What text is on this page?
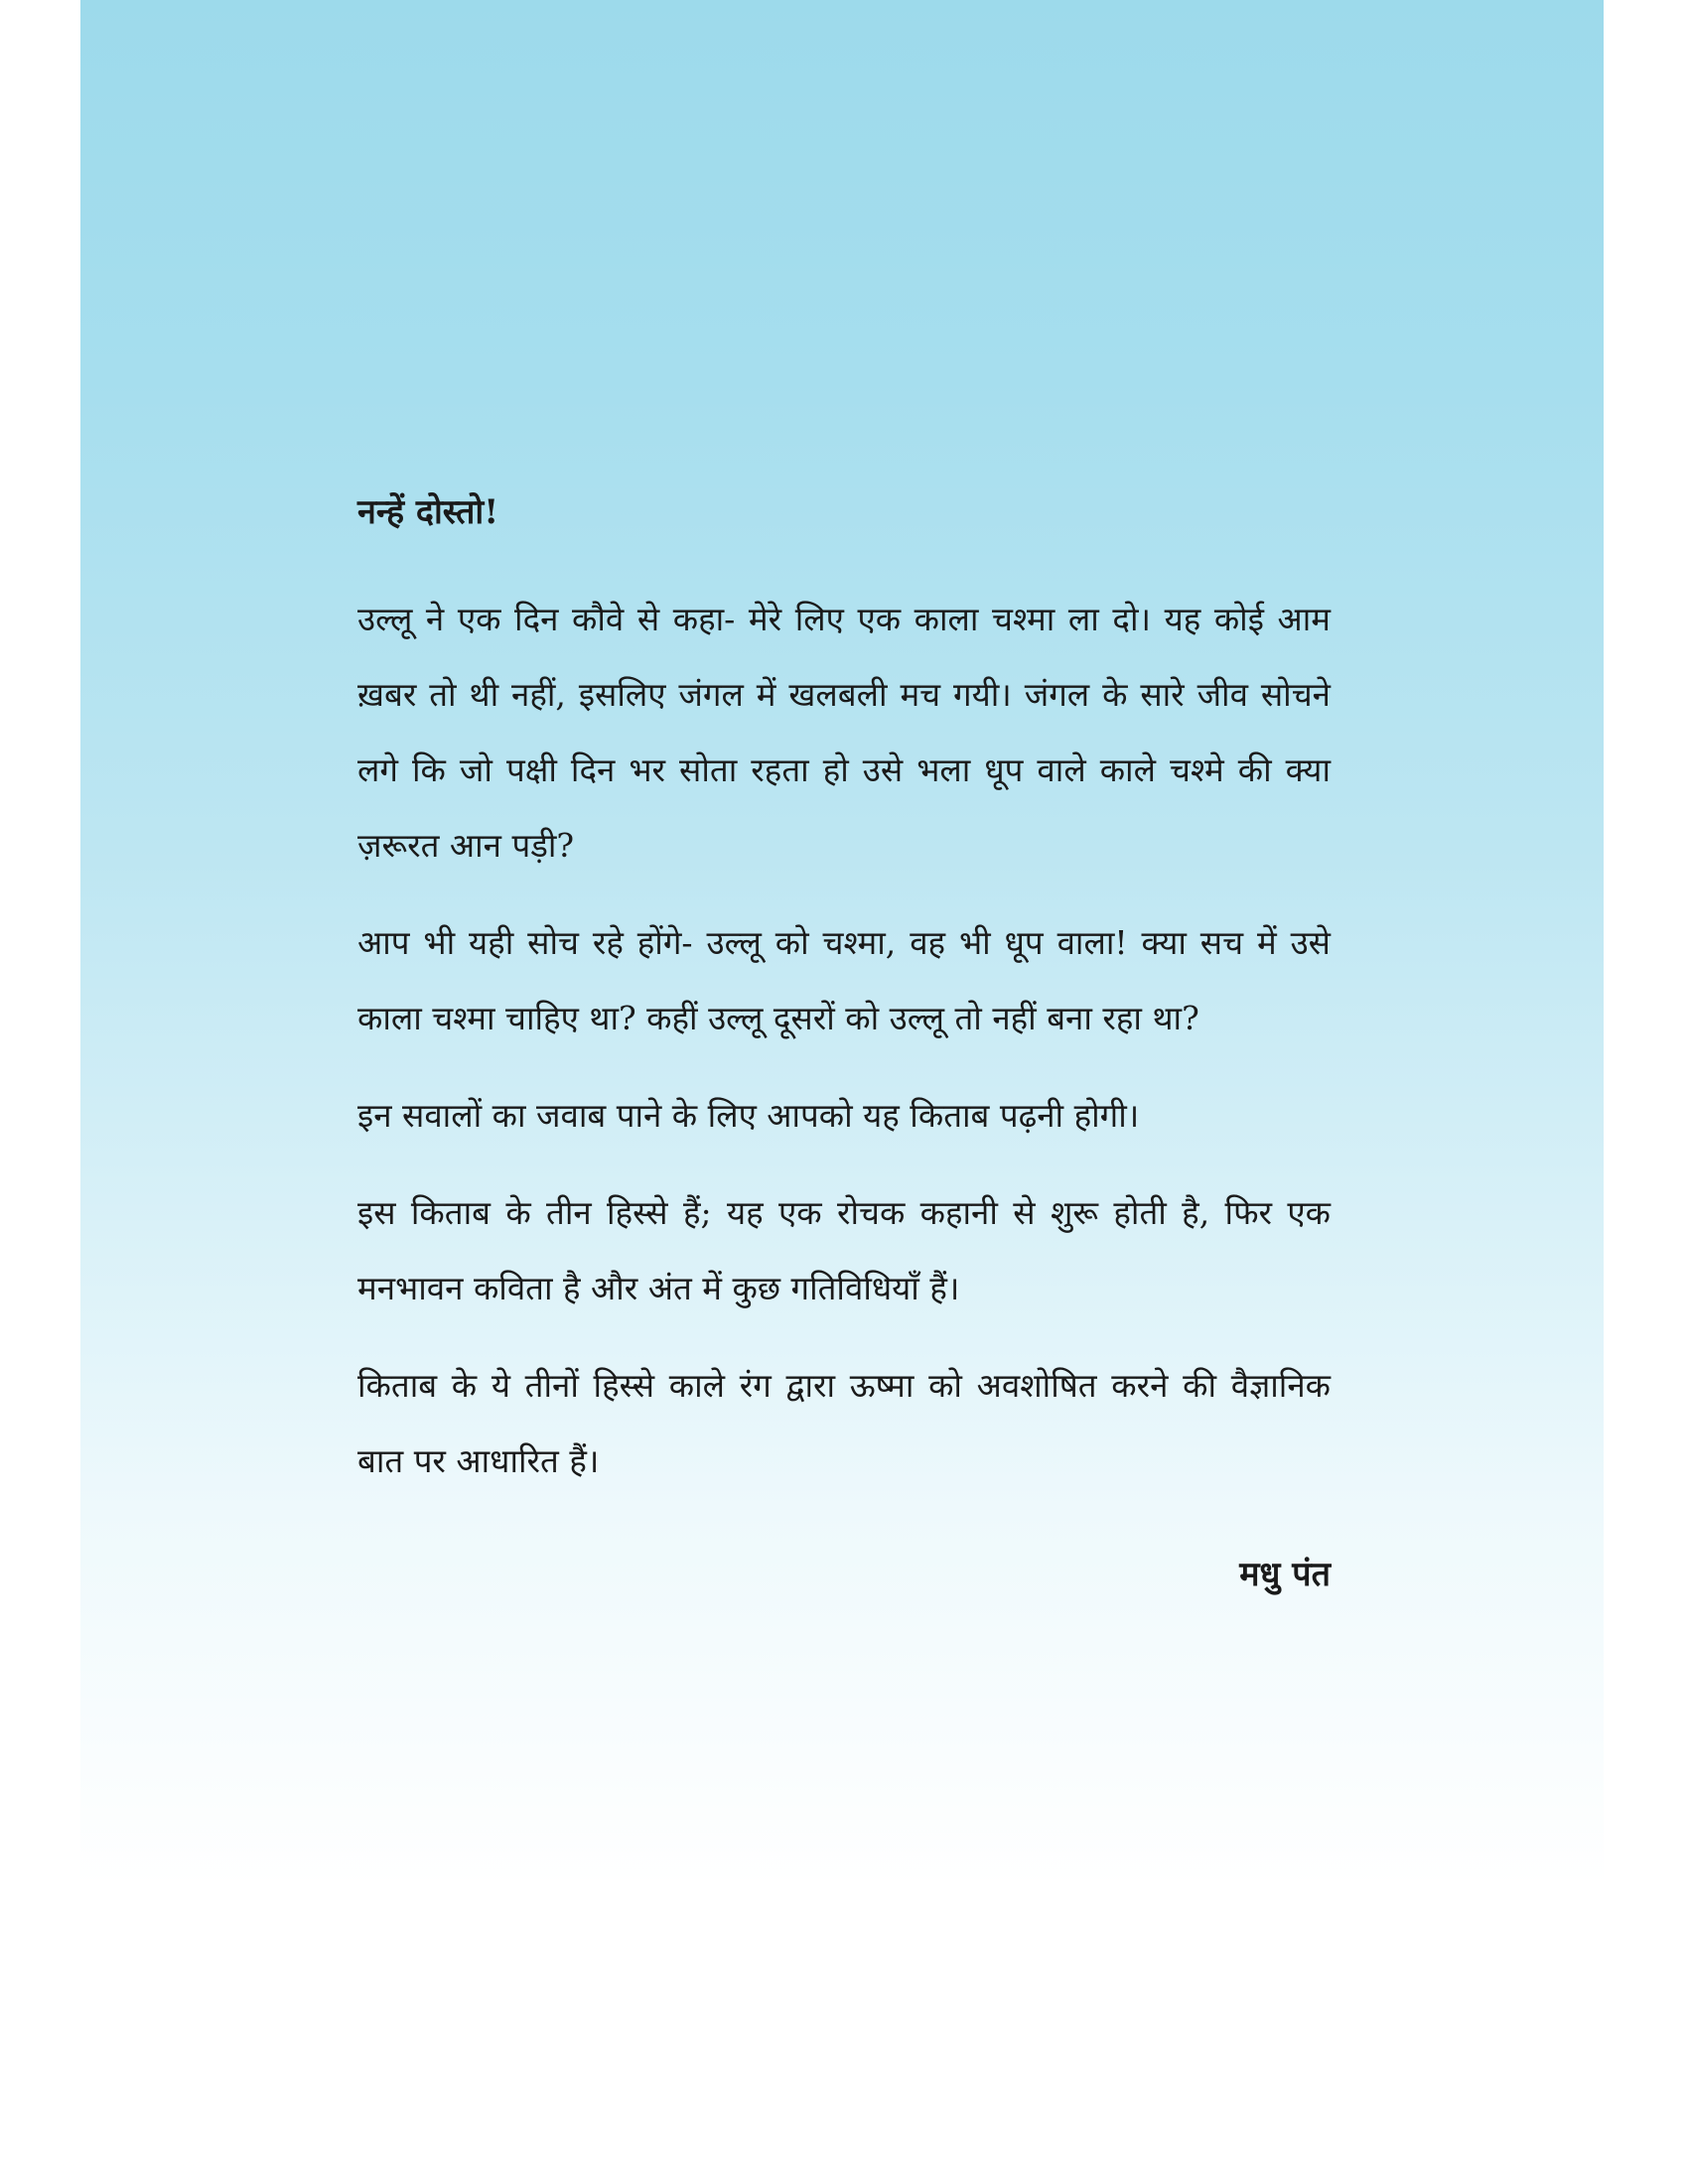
नन्हें दोस्तो!

उल्लू ने एक दिन कौवे से कहा- मेरे लिए एक काला चश्मा ला दो। यह कोई आम ख़बर तो थी नहीं, इसलिए जंगल में खलबली मच गयी। जंगल के सारे जीव सोचने लगे कि जो पक्षी दिन भर सोता रहता हो उसे भला धूप वाले काले चश्मे की क्या ज़रूरत आन पड़ी?

आप भी यही सोच रहे होंगे- उल्लू को चश्मा, वह भी धूप वाला! क्या सच में उसे काला चश्मा चाहिए था? कहीं उल्लू दूसरों को उल्लू तो नहीं बना रहा था?

इन सवालों का जवाब पाने के लिए आपको यह किताब पढ़नी होगी।

इस किताब के तीन हिस्से हैं; यह एक रोचक कहानी से शुरू होती है, फिर एक मनभावन कविता है और अंत में कुछ गतिविधियाँ हैं।

किताब के ये तीनों हिस्से काले रंग द्वारा ऊष्मा को अवशोषित करने की वैज्ञानिक बात पर आधारित हैं।

मधु पंत
